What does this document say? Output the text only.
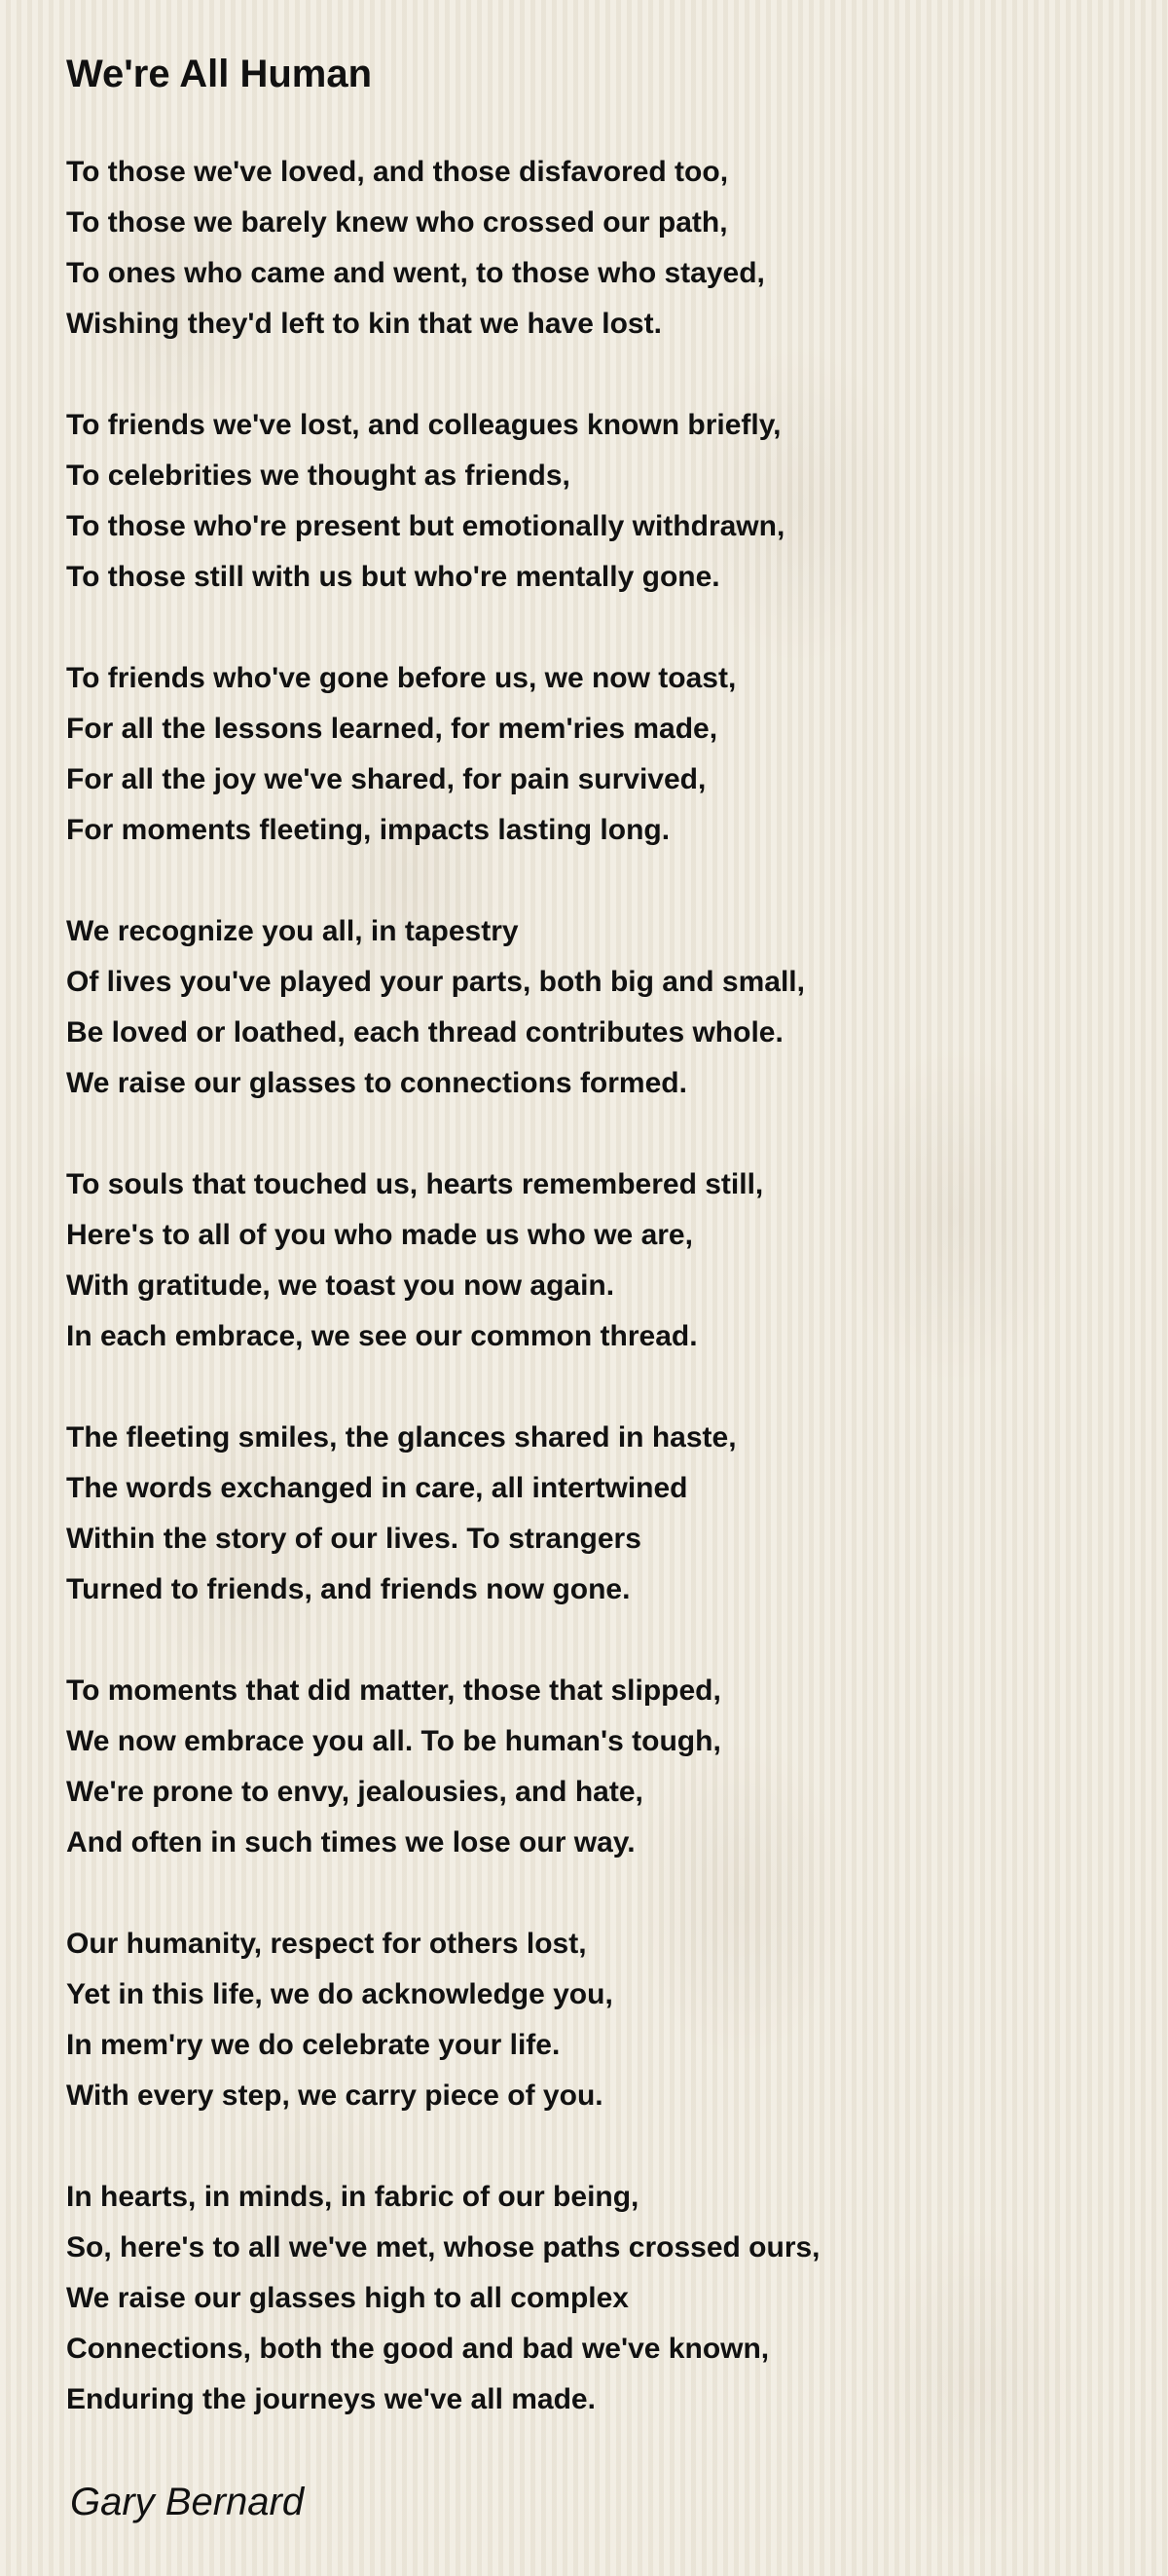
We're All Human
To those we've loved, and those disfavored too,
To those we barely knew who crossed our path,
To ones who came and went, to those who stayed,
Wishing they'd left to kin that we have lost.
To friends we've lost, and colleagues known briefly,
To celebrities we thought as friends,
To those who're present but emotionally withdrawn,
To those still with us but who're mentally gone.
To friends who've gone before us, we now toast,
For all the lessons learned, for mem'ries made,
For all the joy we've shared, for pain survived,
For moments fleeting, impacts lasting long.
We recognize you all, in tapestry
Of lives you've played your parts, both big and small,
Be loved or loathed, each thread contributes whole.
We raise our glasses to connections formed.
To souls that touched us, hearts remembered still,
Here's to all of you who made us who we are,
With gratitude, we toast you now again.
In each embrace, we see our common thread.
The fleeting smiles, the glances shared in haste,
The words exchanged in care, all intertwined
Within the story of our lives. To strangers
Turned to friends, and friends now gone.
To moments that did matter, those that slipped,
We now embrace you all. To be human's tough,
We're prone to envy, jealousies, and hate,
And often in such times we lose our way.
Our humanity, respect for others lost,
Yet in this life, we do acknowledge you,
In mem'ry we do celebrate your life.
With every step, we carry piece of you.
In hearts, in minds, in fabric of our being,
So, here's to all we've met, whose paths crossed ours,
We raise our glasses high to all complex
Connections, both the good and bad we've known,
Enduring the journeys we've all made.
Gary Bernard
